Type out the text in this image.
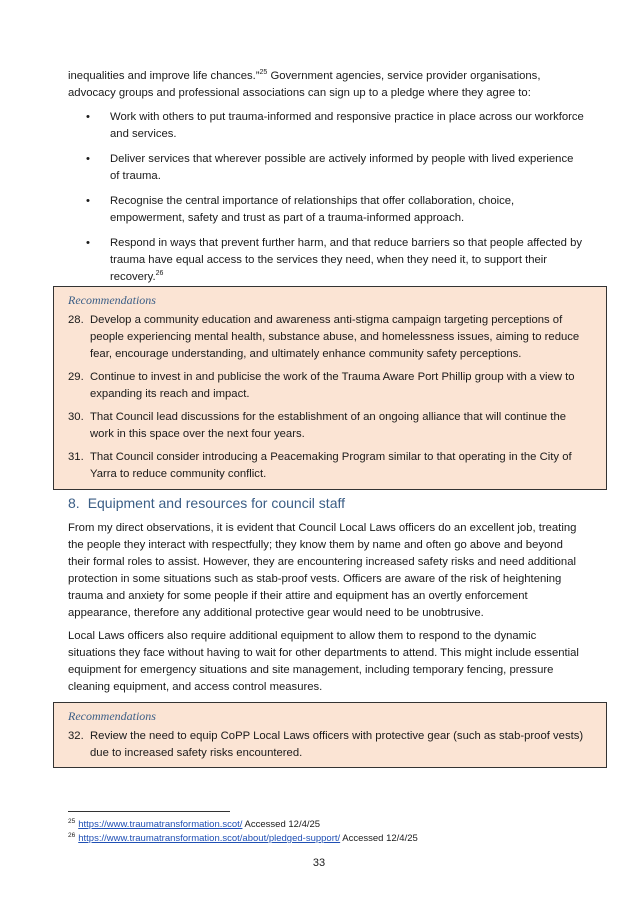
inequalities and improve life chances.”$^{25}$ Government agencies, service provider organisations, advocacy groups and professional associations can sign up to a pledge where they agree to:

• Work with others to put trauma-informed and responsive practice in place across our workforce and services.
• Deliver services that wherever possible are actively informed by people with lived experience of trauma.
• Recognise the central importance of relationships that offer collaboration, choice, empowerment, safety and trust as part of a trauma-informed approach.
• Respond in ways that prevent further harm, and that reduce barriers so that people affected by trauma have equal access to the services they need, when they need it, to support their recovery.$^{26}$

Recommendations

28. Develop a community education and awareness anti-stigma campaign targeting perceptions of people experiencing mental health, substance abuse, and homelessness issues, aiming to reduce fear, encourage understanding, and ultimately enhance community safety perceptions.
29. Continue to invest in and publicise the work of the Trauma Aware Port Phillip group with a view to expanding its reach and impact.
30. That Council lead discussions for the establishment of an ongoing alliance that will continue the work in this space over the next four years.
31. That Council consider introducing a Peacemaking Program similar to that operating in the City of Yarra to reduce community conflict.

8. Equipment and resources for council staff

From my direct observations, it is evident that Council Local Laws officers do an excellent job, treating the people they interact with respectfully; they know them by name and often go above and beyond their formal roles to assist. However, they are encountering increased safety risks and need additional protection in some situations such as stab-proof vests. Officers are aware of the risk of heightening trauma and anxiety for some people if their attire and equipment has an overtly enforcement appearance, therefore any additional protective gear would need to be unobtrusive.

Local Laws officers also require additional equipment to allow them to respond to the dynamic situations they face without having to wait for other departments to attend. This might include essential equipment for emergency situations and site management, including temporary fencing, pressure cleaning equipment, and access control measures.

Recommendations

32. Review the need to equip CoPP Local Laws officers with protective gear (such as stab-proof vests) due to increased safety risks encountered.

$^{25}$ https://www.traumatransformation.scot/ Accessed 12/4/25

$^{26}$ https://www.traumatransformation.scot/about/pledged-support/ Accessed 12/4/25

33
